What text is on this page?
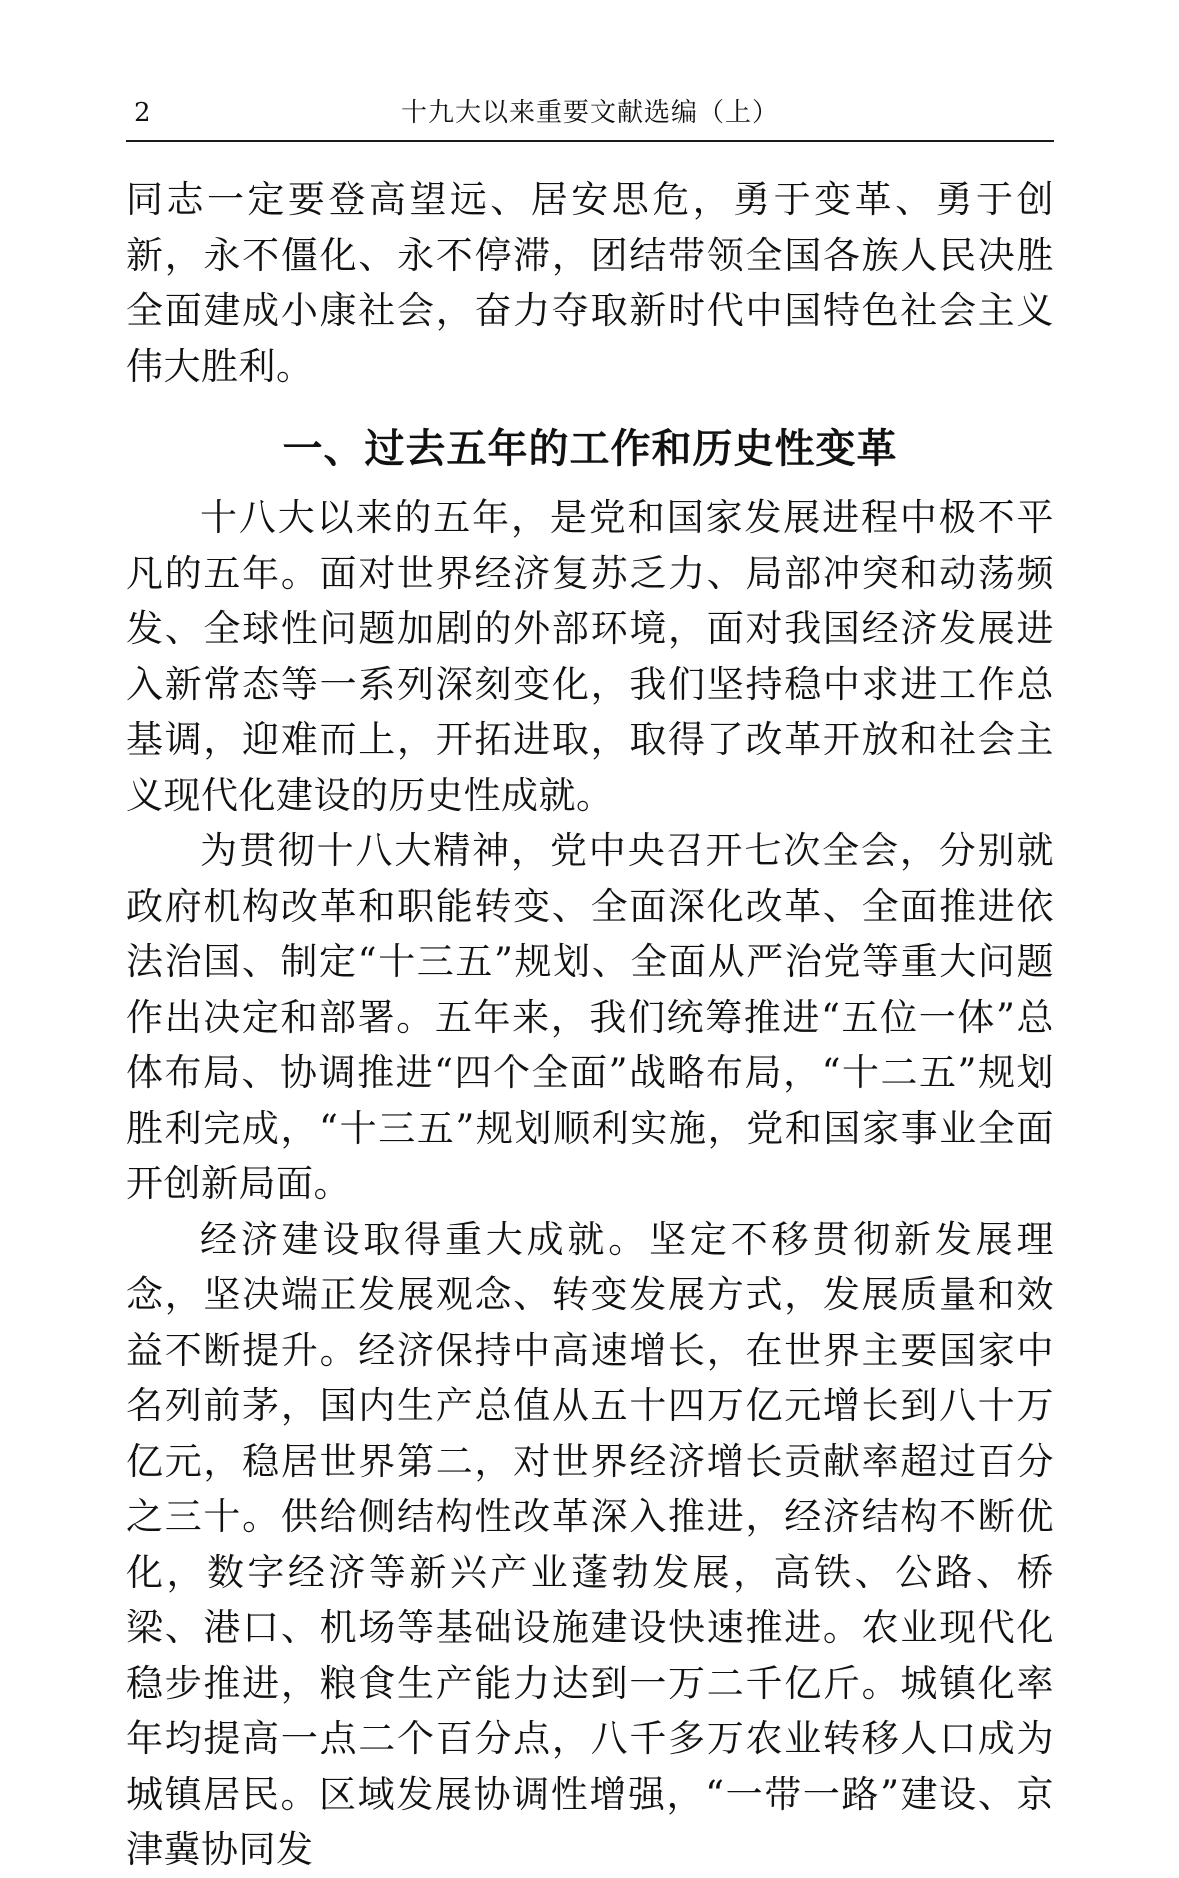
2	十九大以来重要文献选编（上）

同志一定要登高望远、居安思危，勇于变革、勇于创新，永不僵化、永不停滞，团结带领全国各族人民决胜全面建成小康社会，奋力夺取新时代中国特色社会主义伟大胜利。

一、过去五年的工作和历史性变革

十八大以来的五年，是党和国家发展进程中极不平凡的五年。面对世界经济复苏乏力、局部冲突和动荡频发、全球性问题加剧的外部环境，面对我国经济发展进入新常态等一系列深刻变化，我们坚持稳中求进工作总基调，迎难而上，开拓进取，取得了改革开放和社会主义现代化建设的历史性成就。

为贯彻十八大精神，党中央召开七次全会，分别就政府机构改革和职能转变、全面深化改革、全面推进依法治国、制定“十三五”规划、全面从严治党等重大问题作出决定和部署。五年来，我们统筹推进“五位一体”总体布局、协调推进“四个全面”战略布局，“十二五”规划胜利完成，“十三五”规划顺利实施，党和国家事业全面开创新局面。

经济建设取得重大成就。坚定不移贯彻新发展理念，坚决端正发展观念、转变发展方式，发展质量和效益不断提升。经济保持中高速增长，在世界主要国家中名列前茅，国内生产总值从五十四万亿元增长到八十万亿元，稳居世界第二，对世界经济增长贡献率超过百分之三十。供给侧结构性改革深入推进，经济结构不断优化，数字经济等新兴产业蓬勃发展，高铁、公路、桥梁、港口、机场等基础设施建设快速推进。农业现代化稳步推进，粮食生产能力达到一万二千亿斤。城镇化率年均提高一点二个百分点，八千多万农业转移人口成为城镇居民。区域发展协调性增强，“一带一路”建设、京津冀协同发
